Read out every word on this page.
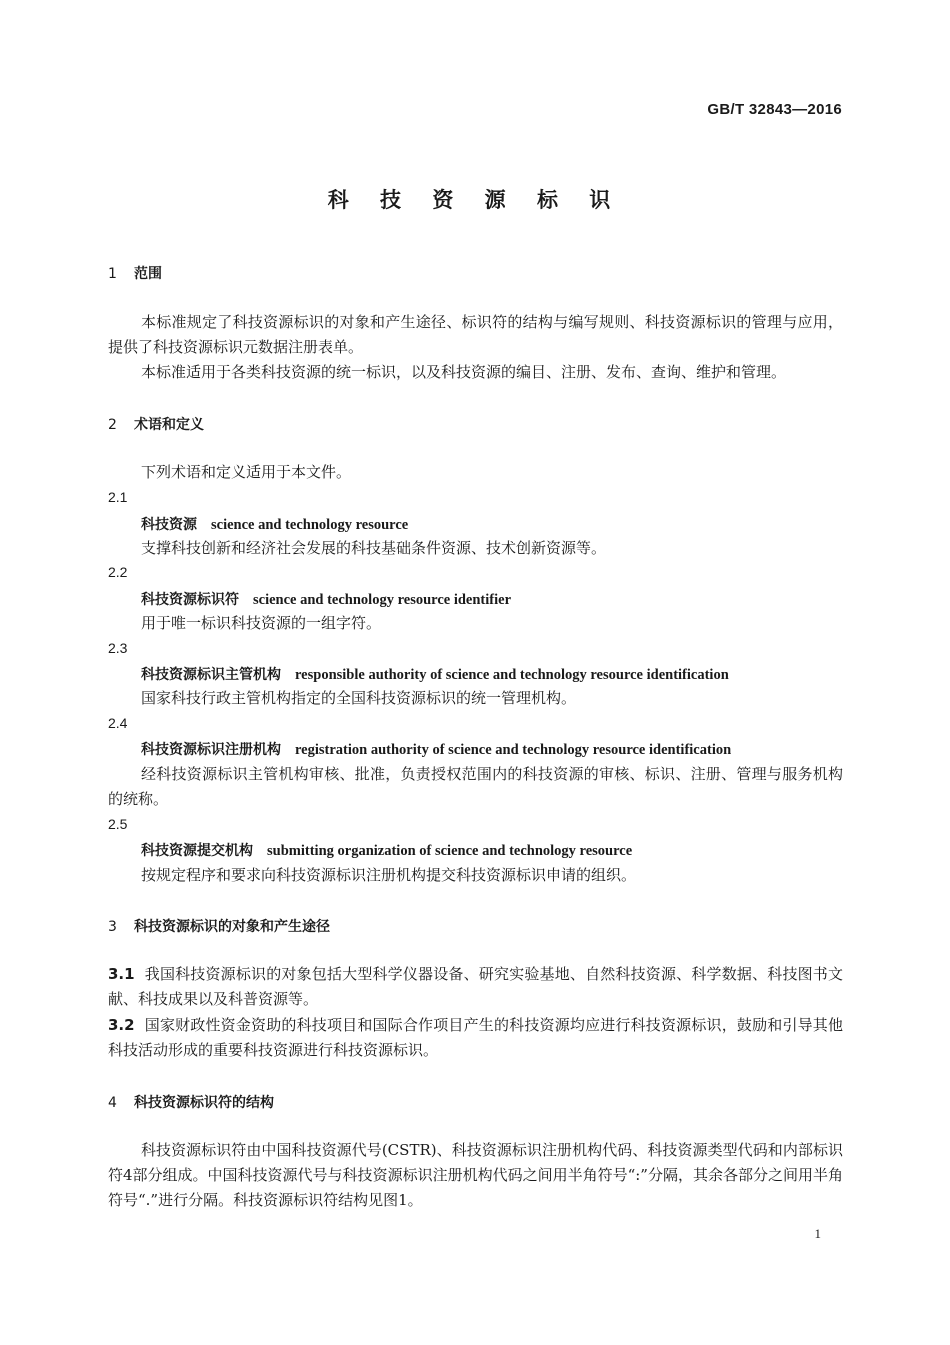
GB/T 32843—2016
科 技 资 源 标 识
1 范围
本标准规定了科技资源标识的对象和产生途径、标识符的结构与编写规则、科技资源标识的管理与应用，提供了科技资源标识元数据注册表单。
本标准适用于各类科技资源的统一标识，以及科技资源的编目、注册、发布、查询、维护和管理。
2 术语和定义
下列术语和定义适用于本文件。
2.1
科技资源 science and technology resource
支撑科技创新和经济社会发展的科技基础条件资源、技术创新资源等。
2.2
科技资源标识符 science and technology resource identifier
用于唯一标识科技资源的一组字符。
2.3
科技资源标识主管机构 responsible authority of science and technology resource identification
国家科技行政主管机构指定的全国科技资源标识的统一管理机构。
2.4
科技资源标识注册机构 registration authority of science and technology resource identification
经科技资源标识主管机构审核、批准，负责授权范围内的科技资源的审核、标识、注册、管理与服务机构的统称。
2.5
科技资源提交机构 submitting organization of science and technology resource
按规定程序和要求向科技资源标识注册机构提交科技资源标识申请的组织。
3 科技资源标识的对象和产生途径
3.1 我国科技资源标识的对象包括大型科学仪器设备、研究实验基地、自然科技资源、科学数据、科技图书文献、科技成果以及科普资源等。
3.2 国家财政性资金资助的科技项目和国际合作项目产生的科技资源均应进行科技资源标识，鼓励和引导其他科技活动形成的重要科技资源进行科技资源标识。
4 科技资源标识符的结构
科技资源标识符由中国科技资源代号(CSTR)、科技资源标识注册机构代码、科技资源类型代码和内部标识符4部分组成。中国科技资源代号与科技资源标识注册机构代码之间用半角符号“:”分隔，其余各部分之间用半角符号“.”进行分隔。科技资源标识符结构见图1。
1
